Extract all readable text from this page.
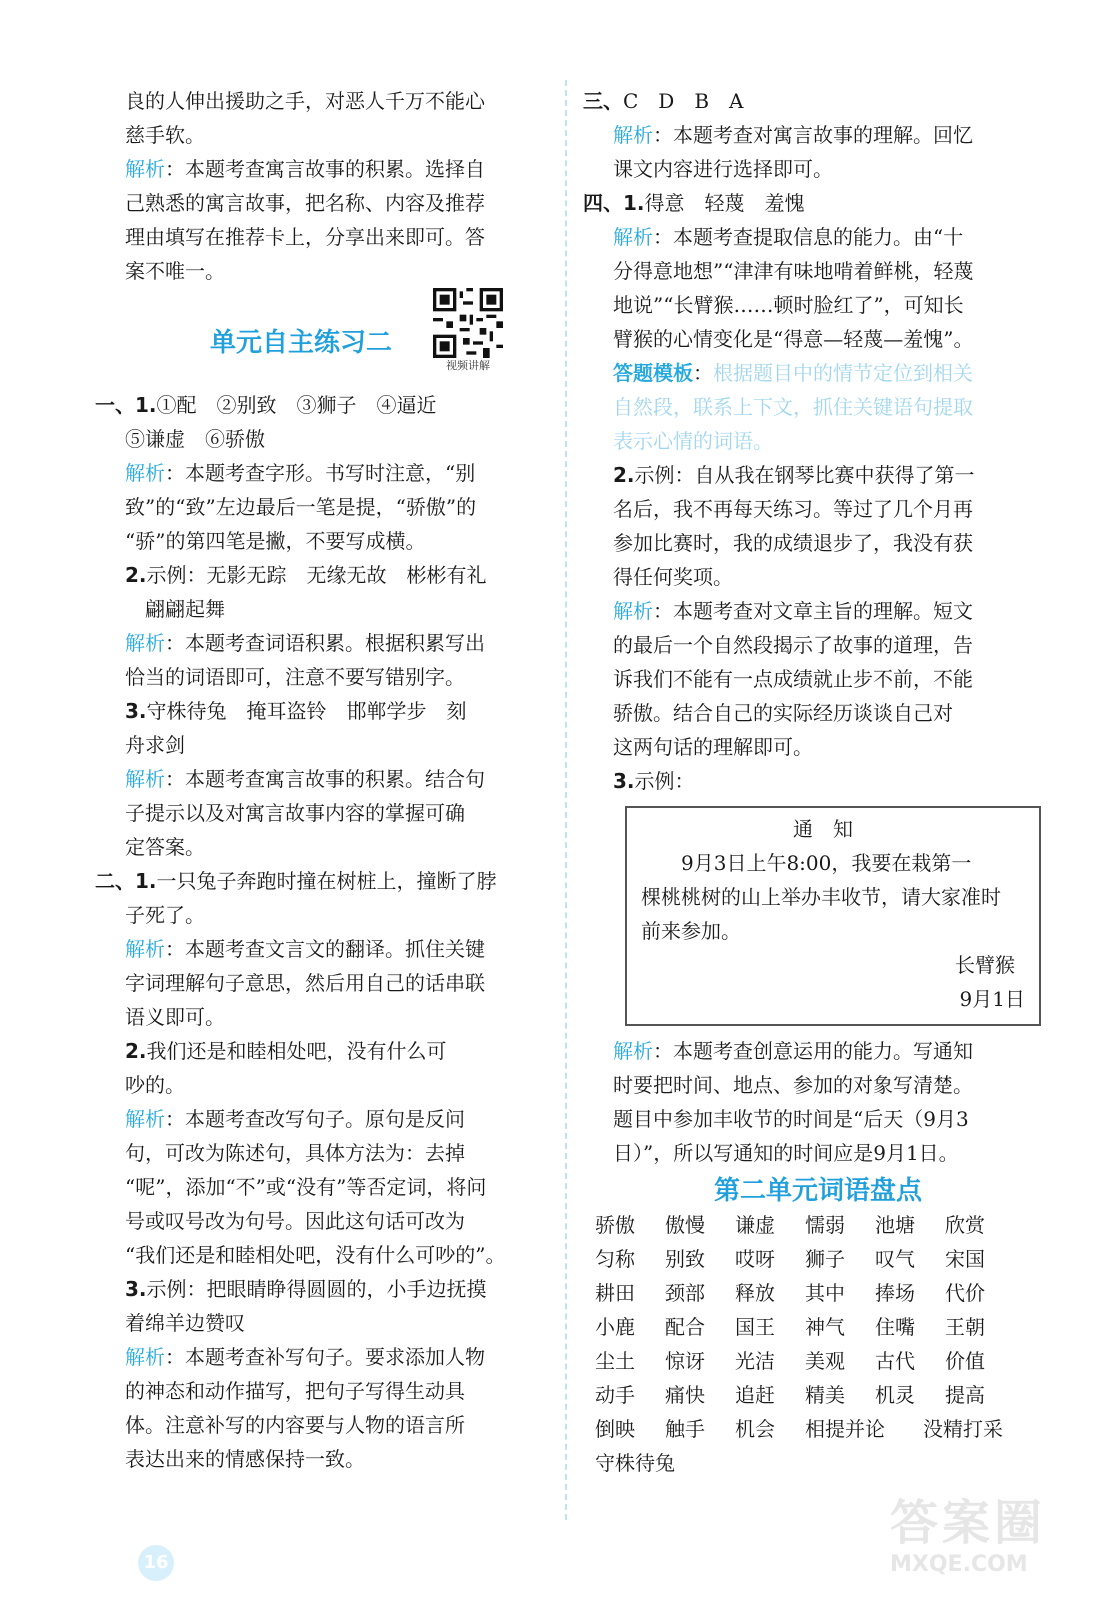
良的人伸出援助之手，对恶人千万不能心

慈手软。

解析：本题考查寓言故事的积累。选择自

己熟悉的寓言故事，把名称、内容及推荐

理由填写在推荐卡上，分享出来即可。答

案不唯一。

单元自主练习二
视频讲解

一、1.①配　②别致　③狮子　④逼近

⑤谦虚　⑥骄傲

解析：本题考查字形。书写时注意，“别

致”的“致”左边最后一笔是提，“骄傲”的

“骄”的第四笔是撇，不要写成横。

2.示例：无影无踪　无缘无故　彬彬有礼

翩翩起舞

解析：本题考查词语积累。根据积累写出

恰当的词语即可，注意不要写错别字。

3.守株待兔　掩耳盗铃　邯郸学步　刻

舟求剑

解析：本题考查寓言故事的积累。结合句

子提示以及对寓言故事内容的掌握可确

定答案。

二、1.一只兔子奔跑时撞在树桩上，撞断了脖

子死了。

解析：本题考查文言文的翻译。抓住关键

字词理解句子意思，然后用自己的话串联

语义即可。

2.我们还是和睦相处吧，没有什么可

吵的。

解析：本题考查改写句子。原句是反问

句，可改为陈述句，具体方法为：去掉

“呢”，添加“不”或“没有”等否定词，将问

号或叹号改为句号。因此这句话可改为

“我们还是和睦相处吧，没有什么可吵的”。

3.示例：把眼睛睁得圆圆的，小手边抚摸

着绵羊边赞叹

解析：本题考查补写句子。要求添加人物

的神态和动作描写，把句子写得生动具

体。注意补写的内容要与人物的语言所

表达出来的情感保持一致。

三、C　D　B　A

解析：本题考查对寓言故事的理解。回忆

课文内容进行选择即可。

四、1.得意　轻蔑　羞愧

解析：本题考查提取信息的能力。由“十

分得意地想”“津津有味地啃着鲜桃，轻蔑

地说”“长臂猴……顿时脸红了”，可知长

臂猴的心情变化是“得意—轻蔑—羞愧”。

答题模板：根据题目中的情节定位到相关

自然段，联系上下文，抓住关键语句提取

表示心情的词语。

2.示例：自从我在钢琴比赛中获得了第一

名后，我不再每天练习。等过了几个月再

参加比赛时，我的成绩退步了，我没有获

得任何奖项。

解析：本题考查对文章主旨的理解。短文

的最后一个自然段揭示了故事的道理，告

诉我们不能有一点成绩就止步不前，不能

骄傲。结合自己的实际经历谈谈自己对

这两句话的理解即可。

3.示例：

通知

9月3日上午8:00，我要在栽第一

棵桃桃树的山上举办丰收节，请大家准时

前来参加。

长臂猴

9月1日

解析：本题考查创意运用的能力。写通知

时要把时间、地点、参加的对象写清楚。

题目中参加丰收节的时间是“后天（9月3

日）”，所以写通知的时间应是9月1日。

第二单元词语盘点
骄傲	傲慢	谦虚	懦弱	池塘	欣赏
匀称	别致	哎呀	狮子	叹气	宋国
耕田	颈部	释放	其中	捧场	代价
小鹿	配合	国王	神气	住嘴	王朝
尘土	惊讶	光洁	美观	古代	价值
动手	痛快	追赶	精美	机灵	提高
倒映	触手	机会	相提并论	没精打采
守株待兔
16
答案圈
MXQE.COM
